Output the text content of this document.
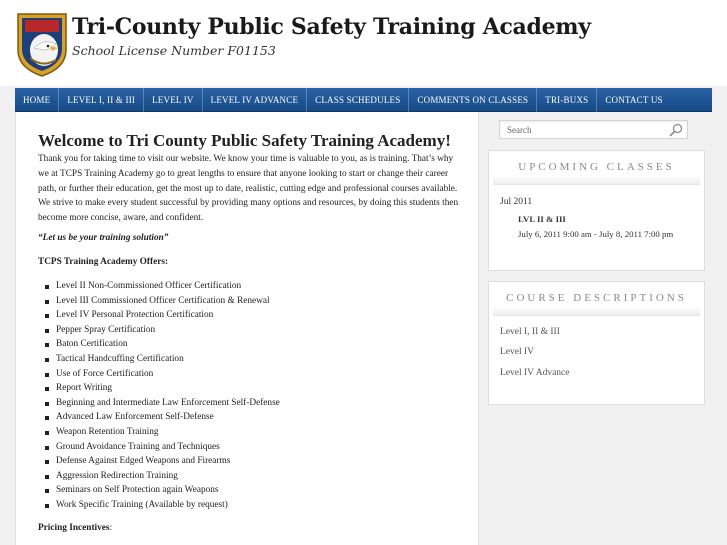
Tri-County Public Safety Training Academy
School License Number F01153
HOME	LEVEL I, II & III	LEVEL IV	LEVEL IV ADVANCE	CLASS SCHEDULES	COMMENTS ON CLASSES	TRI-BUXS	CONTACT US
Welcome to Tri County Public Safety Training Academy!

Thank you for taking time to visit our website. We know your time is valuable to you, as is training. That’s why we at TCPS Training Academy go to great lengths to ensure that anyone looking to start or change their career path, or further their education, get the most up to date, realistic, cutting edge and professional courses available. We strive to make every student successful by providing many options and resources, by doing this students then become more concise, aware, and confident.

“Let us be your training solution”

TCPS Training Academy Offers:

Level II Non-Commissioned Officer Certification
Level III Commissioned Officer Certification & Renewal
Level IV Personal Protection Certification
Pepper Spray Certification
Baton Certification
Tactical Handcuffing Certification
Use of Force Certification
Report Writing
Beginning and Intermediate Law Enforcement Self-Defense
Advanced Law Enforcement Self-Defense
Weapon Retention Training
Ground Avoidance Training and Techniques
Defense Against Edged Weapons and Firearms
Aggression Redirection Training
Seminars on Self Protection again Weapons
Work Specific Training (Available by request)

Pricing Incentives:

Search
UPCOMING CLASSES
Jul 2011
LVL II & III
July 6, 2011 9:00 am - July 8, 2011 7:00 pm
COURSE DESCRIPTIONS
Level I, II & III
Level IV
Level IV Advance
